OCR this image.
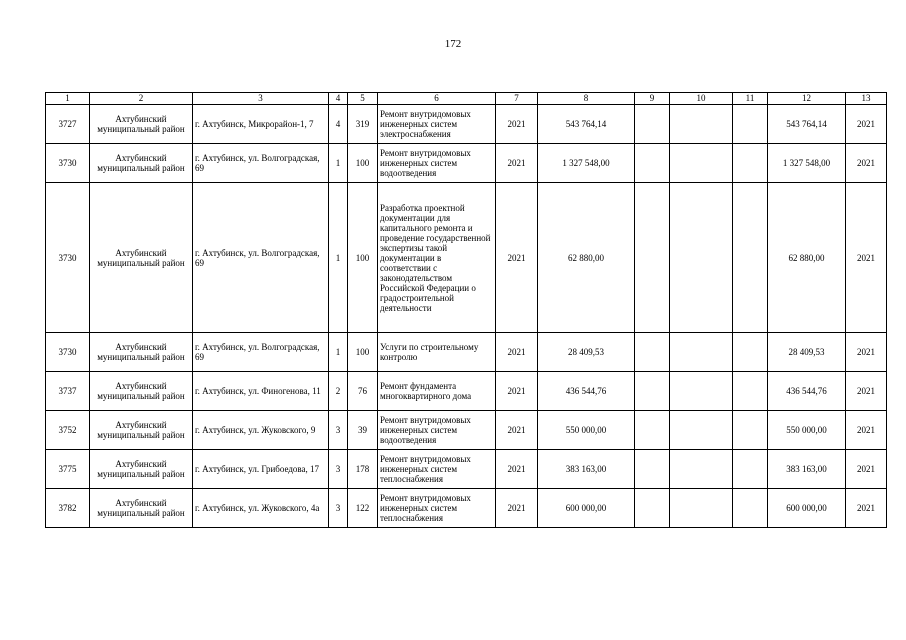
172
1	2	3	4	5	6	7	8	9	10	11	12	13
3727	Ахтубинский муниципальный район	г. Ахтубинск, Микрорайон-1, 7	4	319	Ремонт внутридомовых инженерных систем электроснабжения	2021	543 764,14				543 764,14	2021
3730	Ахтубинский муниципальный район	г. Ахтубинск, ул. Волгоградская, 69	1	100	Ремонт внутридомовых инженерных систем водоотведения	2021	1 327 548,00				1 327 548,00	2021
3730	Ахтубинский муниципальный район	г. Ахтубинск, ул. Волгоградская, 69	1	100	Разработка проектной документации для капитального ремонта и проведение государственной экспертизы такой документации в соответствии с законодательством Российской Федерации о градостроительной деятельности	2021	62 880,00				62 880,00	2021
3730	Ахтубинский муниципальный район	г. Ахтубинск, ул. Волгоградская, 69	1	100	Услуги по строительному контролю	2021	28 409,53				28 409,53	2021
3737	Ахтубинский муниципальный район	г. Ахтубинск, ул. Финогенова, 11	2	76	Ремонт фундамента многоквартирного дома	2021	436 544,76				436 544,76	2021
3752	Ахтубинский муниципальный район	г. Ахтубинск, ул. Жуковского, 9	3	39	Ремонт внутридомовых инженерных систем водоотведения	2021	550 000,00				550 000,00	2021
3775	Ахтубинский муниципальный район	г. Ахтубинск, ул. Грибоедова, 17	3	178	Ремонт внутридомовых инженерных систем теплоснабжения	2021	383 163,00				383 163,00	2021
3782	Ахтубинский муниципальный район	г. Ахтубинск, ул. Жуковского, 4а	3	122	Ремонт внутридомовых инженерных систем теплоснабжения	2021	600 000,00				600 000,00	2021
